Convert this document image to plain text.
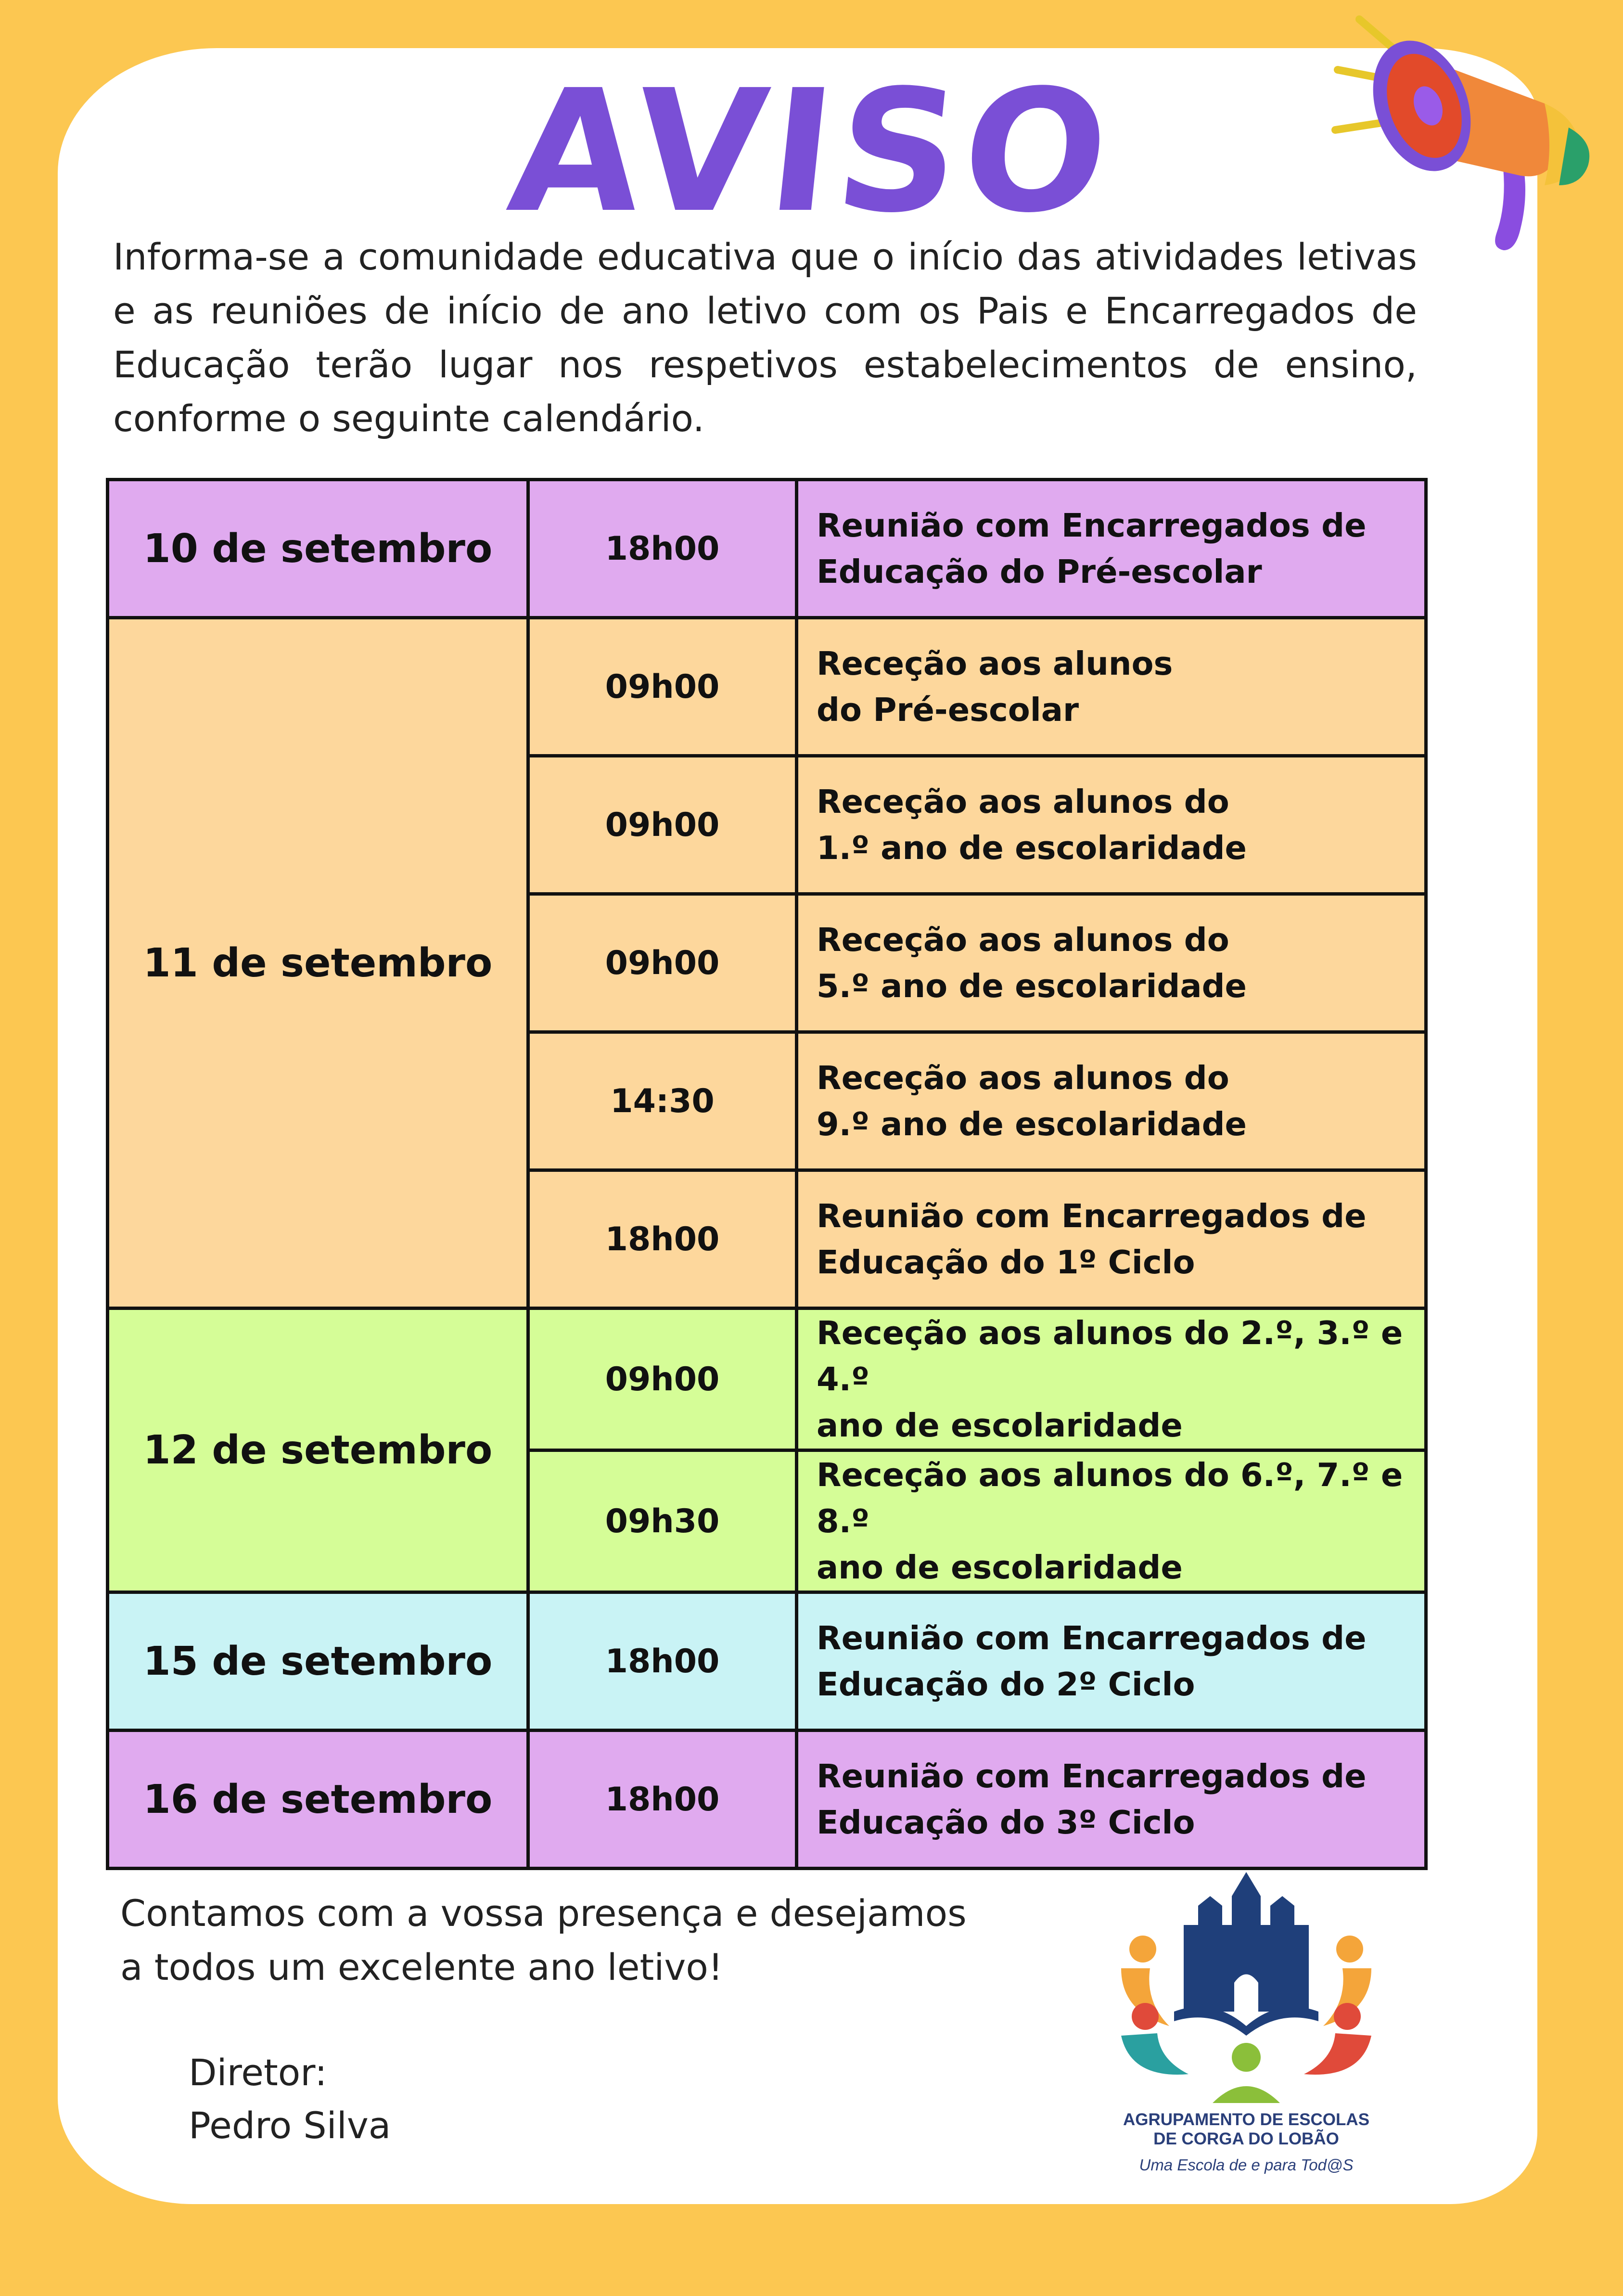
AVISO

Informa-se a comunidade educativa que o início das atividades letivas e as reuniões de início de ano letivo com os Pais e Encarregados de Educação terão lugar nos respetivos estabelecimentos de ensino, conforme o seguinte calendário.

10 de setembro	18h00	Reunião com Encarregados de
Educação do Pré-escolar
11 de setembro	09h00	Receção aos alunos
do Pré-escolar
	09h00	Receção aos alunos do
1.º ano de escolaridade
	09h00	Receção aos alunos do
5.º ano de escolaridade
	14:30	Receção aos alunos do
9.º ano de escolaridade
	18h00	Reunião com Encarregados de
Educação do 1º Ciclo
12 de setembro	09h00	Receção aos alunos do 2.º, 3.º e 4.º
ano de escolaridade
	09h30	Receção aos alunos do 6.º, 7.º e 8.º
ano de escolaridade
15 de setembro	18h00	Reunião com Encarregados de
Educação do 2º Ciclo
16 de setembro	18h00	Reunião com Encarregados de
Educação do 3º Ciclo

Contamos com a vossa presença e desejamos
a todos um excelente ano letivo!

Diretor:
Pedro Silva	AGRUPAMENTO DE ESCOLAS
DE CORGA DO LOBÃO
Uma Escola de e para Tod@S
